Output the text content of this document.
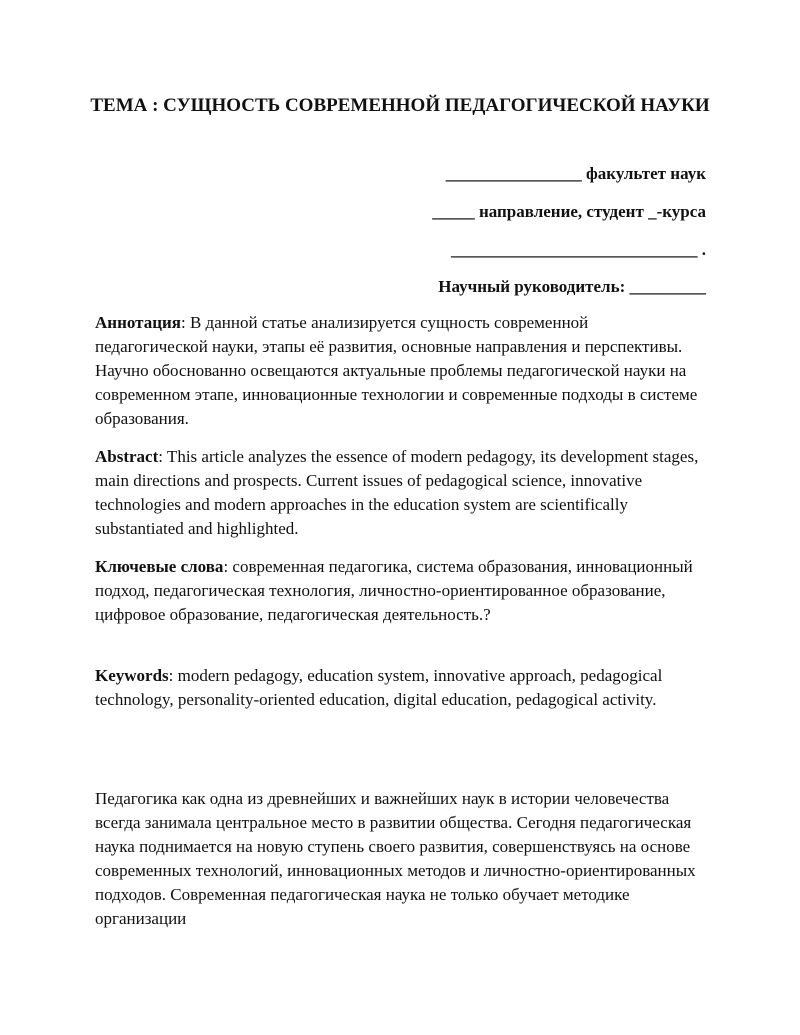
ТЕМА : СУЩНОСТЬ СОВРЕМЕННОЙ ПЕДАГОГИЧЕСКОЙ НАУКИ
________________ факультет наук
_____ направление, студент _-курса
_____________________________ .
Научный руководитель: _________

Аннотация: В данной статье анализируется сущность современной педагогической науки, этапы её развития, основные направления и перспективы. Научно обоснованно освещаются актуальные проблемы педагогической науки на современном этапе, инновационные технологии и современные подходы в системе образования.

Abstract: This article analyzes the essence of modern pedagogy, its development stages, main directions and prospects. Current issues of pedagogical science, innovative technologies and modern approaches in the education system are scientifically substantiated and highlighted.

Ключевые слова: современная педагогика, система образования, инновационный подход, педагогическая технология, личностно-ориентированное образование, цифровое образование, педагогическая деятельность.?

Keywords: modern pedagogy, education system, innovative approach, pedagogical technology, personality-oriented education, digital education, pedagogical activity.

Педагогика как одна из древнейших и важнейших наук в истории человечества всегда занимала центральное место в развитии общества. Сегодня педагогическая наука поднимается на новую ступень своего развития, совершенствуясь на основе современных технологий, инновационных методов и личностно-ориентированных подходов. Современная педагогическая наука не только обучает методике организации
